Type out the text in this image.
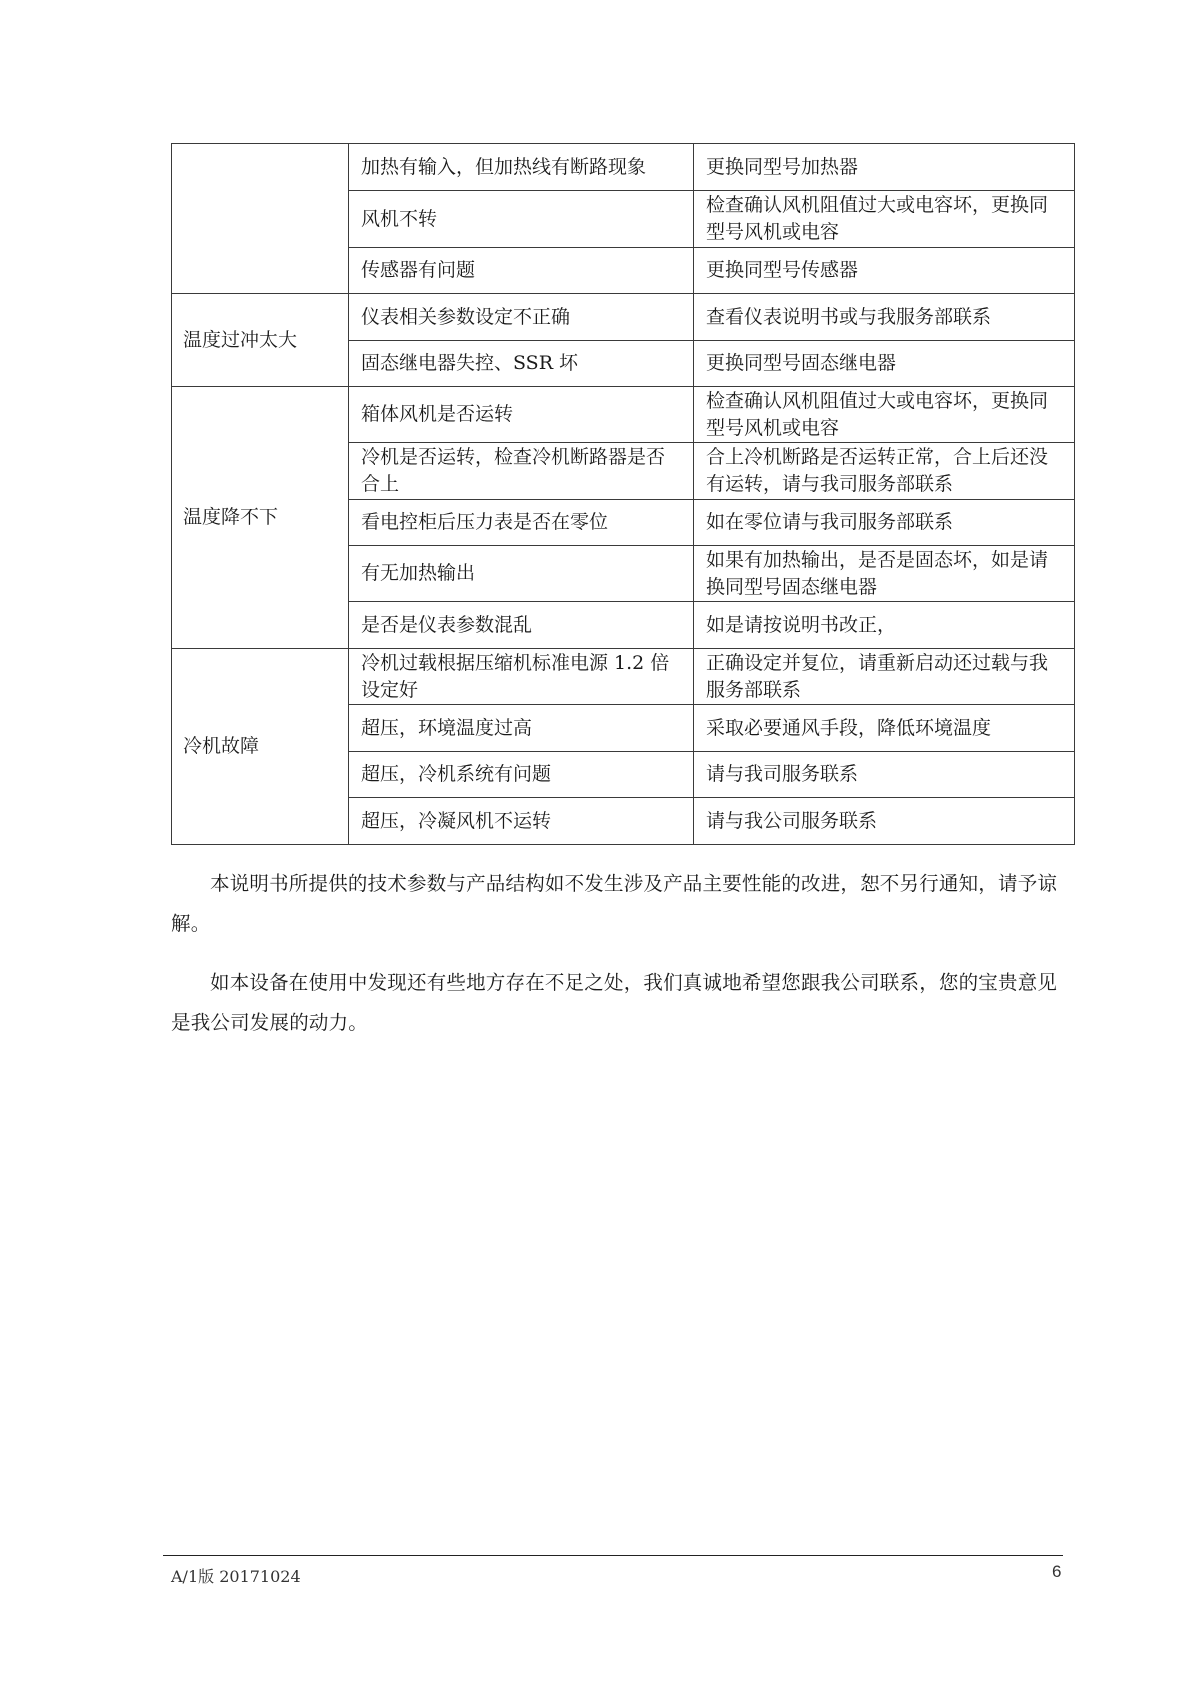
	加热有输入，但加热线有断路现象	更换同型号加热器
	风机不转	检查确认风机阻值过大或电容坏，更换同型号风机或电容
	传感器有问题	更换同型号传感器
温度过冲太大	仪表相关参数设定不正确	查看仪表说明书或与我服务部联系
	固态继电器失控、SSR 坏	更换同型号固态继电器
温度降不下	箱体风机是否运转	检查确认风机阻值过大或电容坏，更换同型号风机或电容
	冷机是否运转，检查冷机断路器是否合上	合上冷机断路是否运转正常，合上后还没有运转，请与我司服务部联系
	看电控柜后压力表是否在零位	如在零位请与我司服务部联系
	有无加热输出	如果有加热输出，是否是固态坏，如是请换同型号固态继电器
	是否是仪表参数混乱	如是请按说明书改正，
冷机故障	冷机过载根据压缩机标准电源 1.2 倍设定好	正确设定并复位，请重新启动还过载与我服务部联系
	超压，环境温度过高	采取必要通风手段，降低环境温度
	超压，冷机系统有问题	请与我司服务联系
	超压，冷凝风机不运转	请与我公司服务联系

本说明书所提供的技术参数与产品结构如不发生涉及产品主要性能的改进，恕不另行通知，请予谅解。

如本设备在使用中发现还有些地方存在不足之处，我们真诚地希望您跟我公司联系，您的宝贵意见是我公司发展的动力。

A/1版 20171024	6
